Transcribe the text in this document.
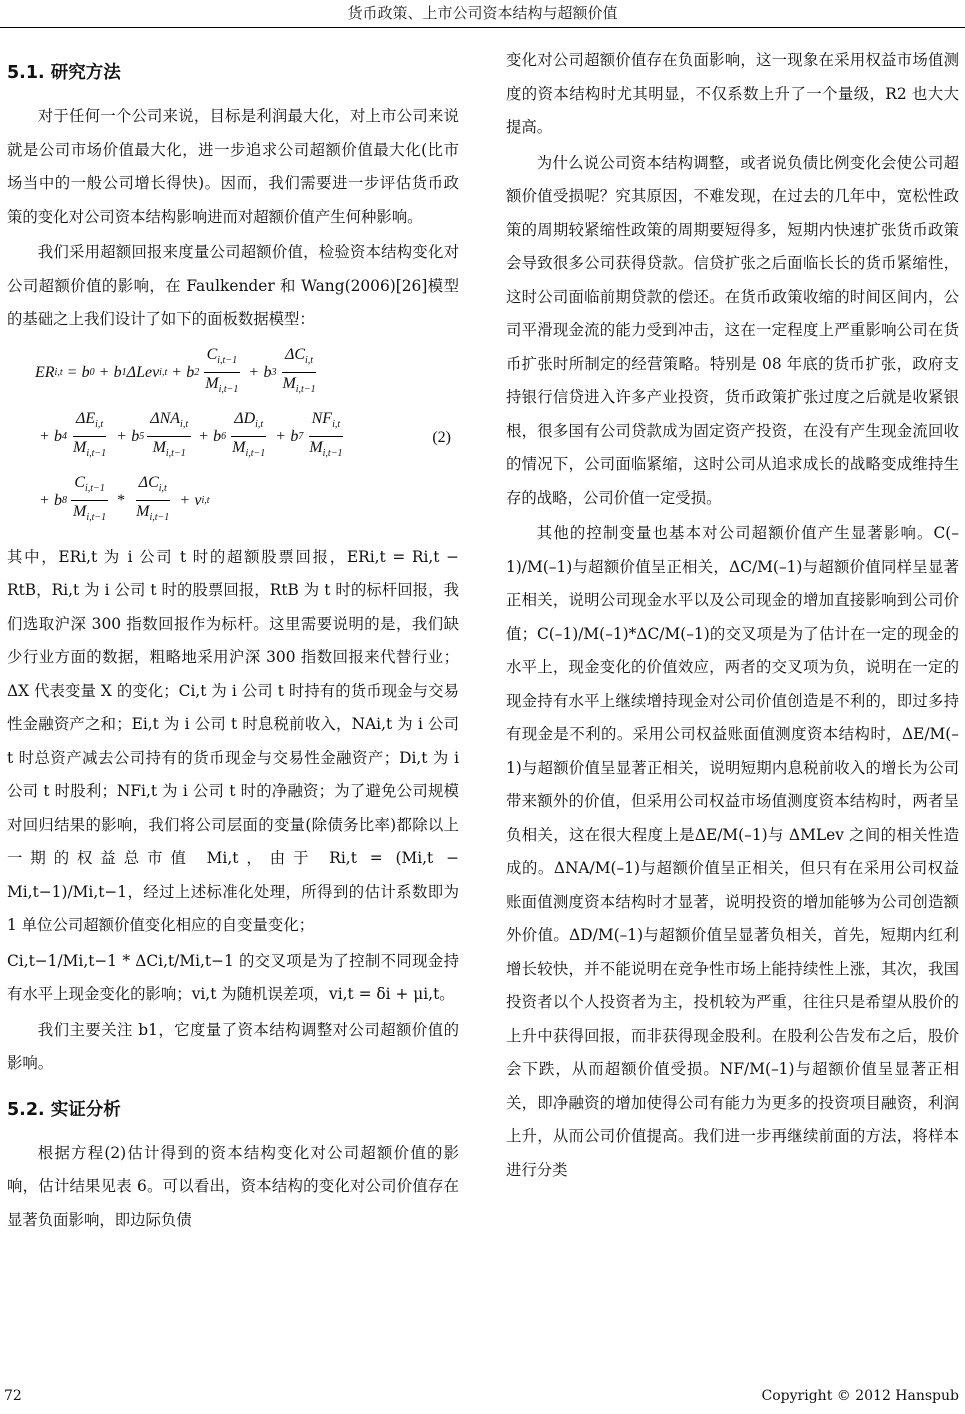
货币政策、上市公司资本结构与超额价值
5.1. 研究方法

对于任何一个公司来说，目标是利润最大化，对上市公司来说就是公司市场价值最大化，进一步追求公司超额价值最大化(比市场当中的一般公司增长得快)。因而，我们需要进一步评估货币政策的变化对公司资本结构影响进而对超额价值产生何种影响。

我们采用超额回报来度量公司超额价值，检验资本结构变化对公司超额价值的影响，在 Faulkender 和 Wang(2006)[26]模型的基础之上我们设计了如下的面板数据模型：

ER i,t = b 0 + b 1 ΔLev i,t + b $2 \frac{C_{i,t-1}}{M_{i,t-1}} + b$ $3 \frac{\Delta C_{i,t}}{M_{i,t-1}}$
+ b $4 \frac{\Delta E_{i,t}}{M_{i,t-1}} + b$ $5 \frac{\Delta NA_{i,t}}{M_{i,t-1}} + b$ $6 \frac{\Delta D_{i,t}}{M_{i,t-1}} + b$ $7 \frac{NF_{i,t}}{M_{i,t-1}}$
+ b $8 \frac{C_{i,t-1}}{M_{i,t-1}} * \frac{\Delta C_{i,t}}{M_{i,t-1}} + v$ i,t
(2)

其中，ERi,t 为 i 公司 t 时的超额股票回报，ERi,t = Ri,t − RtB，Ri,t 为 i 公司 t 时的股票回报，RtB 为 t 时的标杆回报，我们选取沪深 300 指数回报作为标杆。这里需要说明的是，我们缺少行业方面的数据，粗略地采用沪深 300 指数回报来代替行业；ΔX 代表变量 X 的变化；Ci,t 为 i 公司 t 时持有的货币现金与交易性金融资产之和；Ei,t 为 i 公司 t 时息税前收入，NAi,t 为 i 公司 t 时总资产减去公司持有的货币现金与交易性金融资产；Di,t 为 i 公司 t 时股利；NFi,t 为 i 公司 t 时的净融资；为了避免公司规模对回归结果的影响，我们将公司层面的变量(除债务比率)都除以上一期的权益总市值 Mi,t，由于 Ri,t = (Mi,t − Mi,t−1)/Mi,t−1，经过上述标准化处理，所得到的估计系数即为 1 单位公司超额价值变化相应的自变量变化；

Ci,t−1/Mi,t−1 * ΔCi,t/Mi,t−1 的交叉项是为了控制不同现金持有水平上现金变化的影响；vi,t 为随机误差项，vi,t = δi + μi,t。

我们主要关注 b1，它度量了资本结构调整对公司超额价值的影响。

5.2. 实证分析

根据方程(2)估计得到的资本结构变化对公司超额价值的影响，估计结果见表 6。可以看出，资本结构的变化对公司价值存在显著负面影响，即边际负债

变化对公司超额价值存在负面影响，这一现象在采用权益市场值测度的资本结构时尤其明显，不仅系数上升了一个量级，R2 也大大提高。

为什么说公司资本结构调整，或者说负债比例变化会使公司超额价值受损呢？究其原因，不难发现，在过去的几年中，宽松性政策的周期较紧缩性政策的周期要短得多，短期内快速扩张货币政策会导致很多公司获得贷款。信贷扩张之后面临长长的货币紧缩性，这时公司面临前期贷款的偿还。在货币政策收缩的时间区间内，公司平滑现金流的能力受到冲击，这在一定程度上严重影响公司在货币扩张时所制定的经营策略。特别是 08 年底的货币扩张，政府支持银行信贷进入许多产业投资，货币政策扩张过度之后就是收紧银根，很多国有公司贷款成为固定资产投资，在没有产生现金流回收的情况下，公司面临紧缩，这时公司从追求成长的战略变成维持生存的战略，公司价值一定受损。

其他的控制变量也基本对公司超额价值产生显著影响。C(–1)/M(–1)与超额价值呈正相关，ΔC/M(–1)与超额价值同样呈显著正相关，说明公司现金水平以及公司现金的增加直接影响到公司价值；C(–1)/M(–1)*ΔC/M(–1)的交叉项是为了估计在一定的现金的水平上，现金变化的价值效应，两者的交叉项为负，说明在一定的现金持有水平上继续增持现金对公司价值创造是不利的，即过多持有现金是不利的。采用公司权益账面值测度资本结构时，ΔE/M(–1)与超额价值呈显著正相关，说明短期内息税前收入的增长为公司带来额外的价值，但采用公司权益市场值测度资本结构时，两者呈负相关，这在很大程度上是ΔE/M(–1)与 ΔMLev 之间的相关性造成的。ΔNA/M(–1)与超额价值呈正相关，但只有在采用公司权益账面值测度资本结构时才显著，说明投资的增加能够为公司创造额外价值。ΔD/M(–1)与超额价值呈显著负相关，首先，短期内红利增长较快，并不能说明在竞争性市场上能持续性上涨，其次，我国投资者以个人投资者为主，投机较为严重，往往只是希望从股价的上升中获得回报，而非获得现金股利。在股利公告发布之后，股价会下跌，从而超额价值受损。NF/M(–1)与超额价值呈显著正相关，即净融资的增加使得公司有能力为更多的投资项目融资，利润上升，从而公司价值提高。我们进一步再继续前面的方法，将样本进行分类

72	Copyright © 2012 Hanspub
